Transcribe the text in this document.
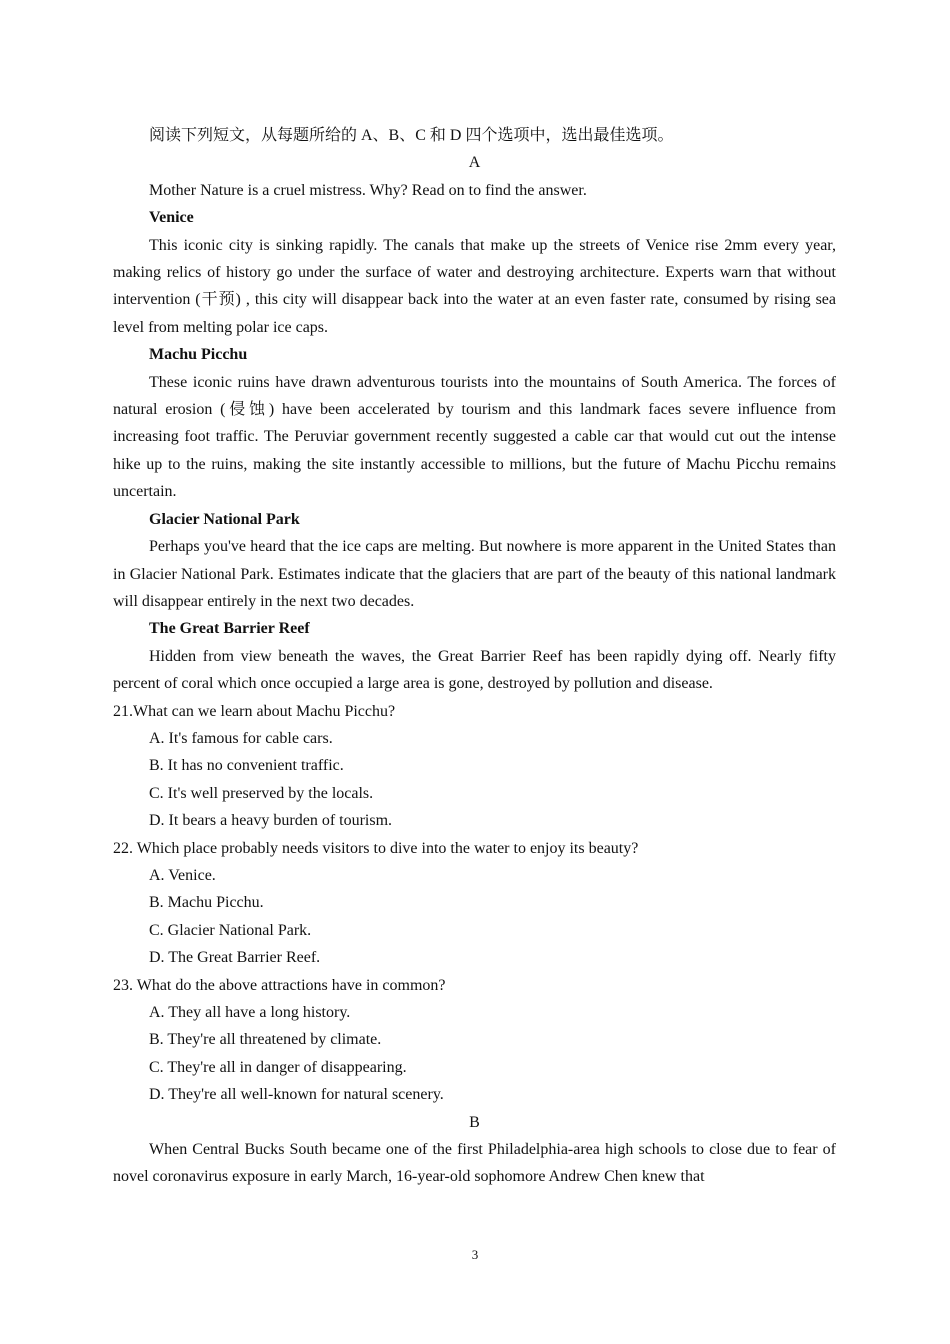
阅读下列短文，从每题所给的 A、B、C 和 D 四个选项中，选出最佳选项。

A

Mother Nature is a cruel mistress. Why? Read on to find the answer.

Venice

This iconic city is sinking rapidly. The canals that make up the streets of Venice rise 2mm every year, making relics of history go under the surface of water and destroying architecture. Experts warn that without intervention (干预) , this city will disappear back into the water at an even faster rate, consumed by rising sea level from melting polar ice caps.

Machu Picchu

These iconic ruins have drawn adventurous tourists into the mountains of South America. The forces of natural erosion (侵蚀) have been accelerated by tourism and this landmark faces severe influence from increasing foot traffic. The Peruviar government recently suggested a cable car that would cut out the intense hike up to the ruins, making the site instantly accessible to millions, but the future of Machu Picchu remains uncertain.

Glacier National Park

Perhaps you've heard that the ice caps are melting. But nowhere is more apparent in the United States than in Glacier National Park. Estimates indicate that the glaciers that are part of the beauty of this national landmark will disappear entirely in the next two decades.

The Great Barrier Reef

Hidden from view beneath the waves, the Great Barrier Reef has been rapidly dying off. Nearly fifty percent of coral which once occupied a large area is gone, destroyed by pollution and disease.

21.What can we learn about Machu Picchu?

A. It's famous for cable cars.

B. It has no convenient traffic.

C. It's well preserved by the locals.

D. It bears a heavy burden of tourism.

22. Which place probably needs visitors to dive into the water to enjoy its beauty?

A. Venice.

B. Machu Picchu.

C. Glacier National Park.

D. The Great Barrier Reef.

23. What do the above attractions have in common?

A. They all have a long history.

B. They're all threatened by climate.

C. They're all in danger of disappearing.

D. They're all well-known for natural scenery.

B

When Central Bucks South became one of the first Philadelphia-area high schools to close due to fear of novel coronavirus exposure in early March, 16-year-old sophomore Andrew Chen knew that

3
